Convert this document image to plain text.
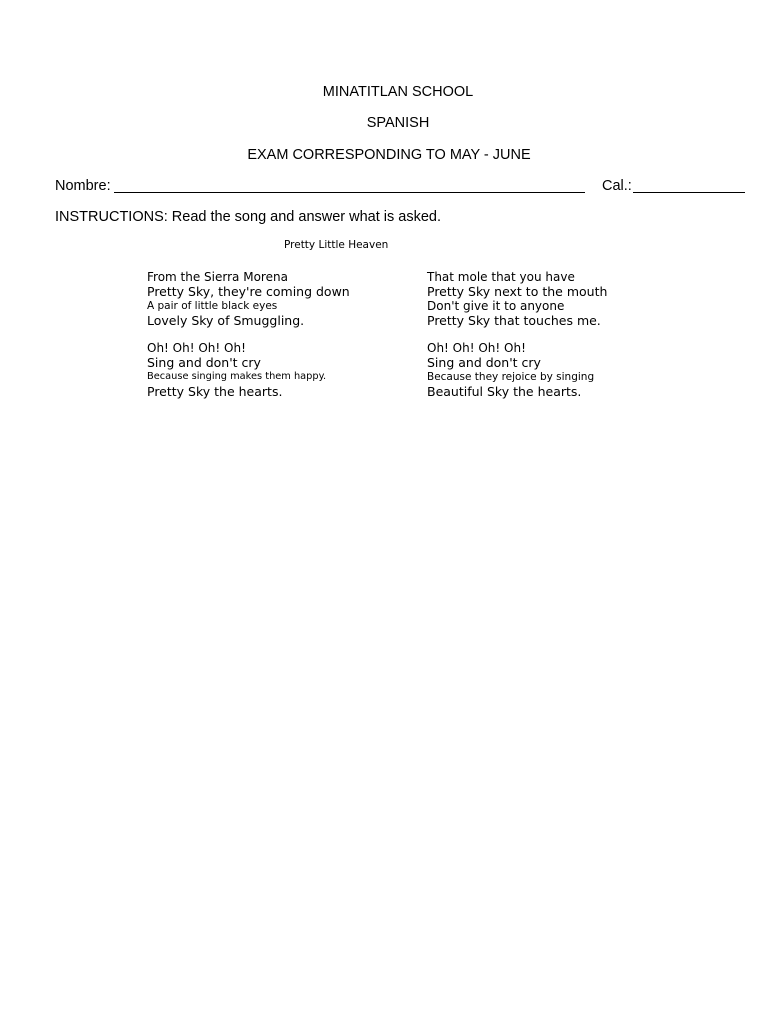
MINATITLAN SCHOOL
SPANISH
EXAM CORRESPONDING TO MAY - JUNE
Nombre:	Cal.:
INSTRUCTIONS: Read the song and answer what is asked.
Pretty Little Heaven
From the Sierra Morena
Pretty Sky, they're coming down
A pair of little black eyes
Lovely Sky of Smuggling.
Oh! Oh! Oh! Oh!
Sing and don't cry
Because singing makes them happy.
Pretty Sky the hearts.
That mole that you have
Pretty Sky next to the mouth
Don't give it to anyone
Pretty Sky that touches me.
Oh! Oh! Oh! Oh!
Sing and don't cry
Because they rejoice by singing
Beautiful Sky the hearts.
